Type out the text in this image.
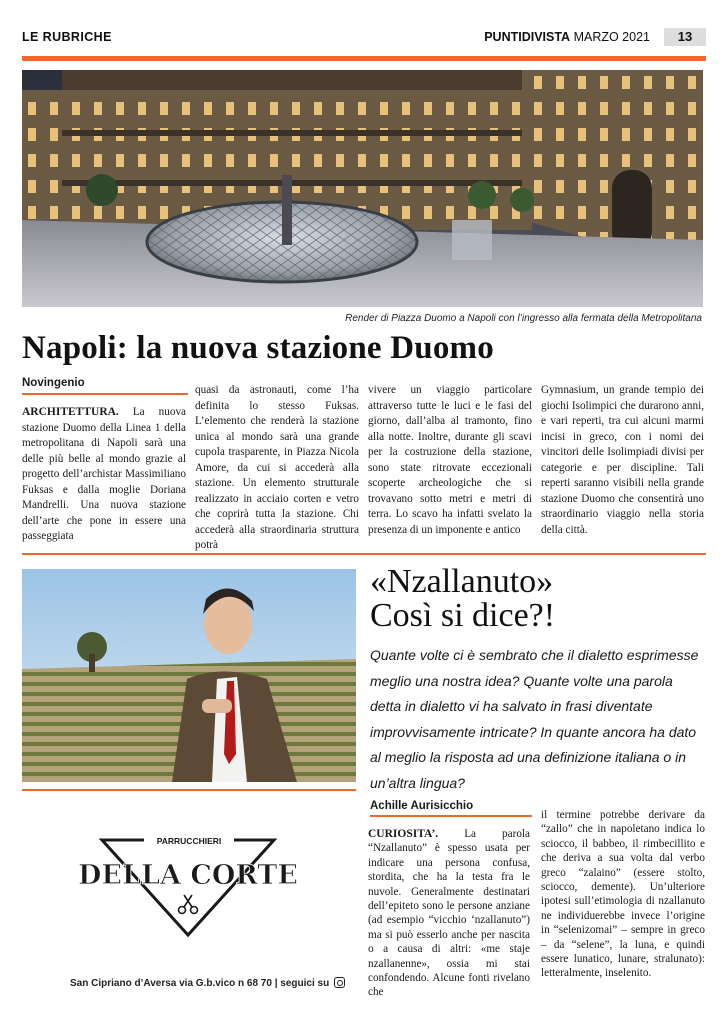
LE RUBRICHE	PUNTIDIVISTA MARZO 2021	13
Render di Piazza Duomo a Napoli con l’ingresso alla fermata della Metropolitana
Napoli: la nuova stazione Duomo
Novingenio
ARCHITETTURA. La nuova stazione Duomo della Linea 1 della metropolitana di Napoli sarà una delle più belle al mondo grazie al progetto dell’archistar Massimiliano Fuksas e dalla moglie Doriana Mandrelli. Una nuova stazione dell’arte che pone in essere una passeggiata
quasi da astronauti, come l’ha definita lo stesso Fuksas. L’elemento che renderà la stazione unica al mondo sarà una grande cupola trasparente, in Piazza Nicola Amore, da cui si accederà alla stazione. Un elemento strutturale realizzato in acciaio corten e vetro che coprirà tutta la stazione. Chi accederà alla straordinaria struttura potrà
vivere un viaggio particolare attraverso tutte le luci e le fasi del giorno, dall’alba al tramonto, fino alla notte. Inoltre, durante gli scavi per la costruzione della stazione, sono state ritrovate eccezionali scoperte archeologiche che si trovavano sotto metri e metri di terra. Lo scavo ha infatti svelato la presenza di un imponente e antico
Gymnasium, un grande tempio dei giochi Isolimpici che durarono anni, e vari reperti, tra cui alcuni marmi incisi in greco, con i nomi dei vincitori delle Isolimpiadi divisi per categorie e per discipline. Tali reperti saranno visibili nella grande stazione Duomo che consentirà uno straordinario viaggio nella storia della città.
«Nzallanuto»
Così si dice?!
Quante volte ci è sembrato che il dialetto esprimesse meglio una nostra idea? Quante volte una parola detta in dialetto vi ha salvato in frasi diventate improvvisamente intricate? In quante ancora ha dato al meglio la risposta ad una definizione italiana o in un’altra lingua?
Achille Aurisicchio
CURIOSITA’. La parola “Nzallanuto” è spesso usata per indicare una persona confusa, stordita, che ha la testa fra le nuvole. Generalmente destinatari dell’epiteto sono le persone anziane (ad esempio “vicchio ‘nzallanuto”) ma si può esserlo anche per nascita o a causa di altri: «me staje nzallanennе», ossia mi stai confondendo. Alcune fonti rivelano che
il termine potrebbe derivare da “zallo” che in napoletano indica lo sciocco, il babbeo, il rimbecillito e che deriva a sua volta dal verbo greco “zalaino” (essere stolto, sciocco, demente). Un’ulteriore ipotesi sull’etimologia di nzallanuto ne individuerebbe invece l’origine in “selenizomai” – sempre in greco – da “selene”, la luna, e quindi essere lunatico, lunare, stralunato): letteralmente, inselenito.
PARRUCCHIERI
DELLA CORTE
San Cipriano d’Aversa via G.b.vico n 68 70 | seguici su
